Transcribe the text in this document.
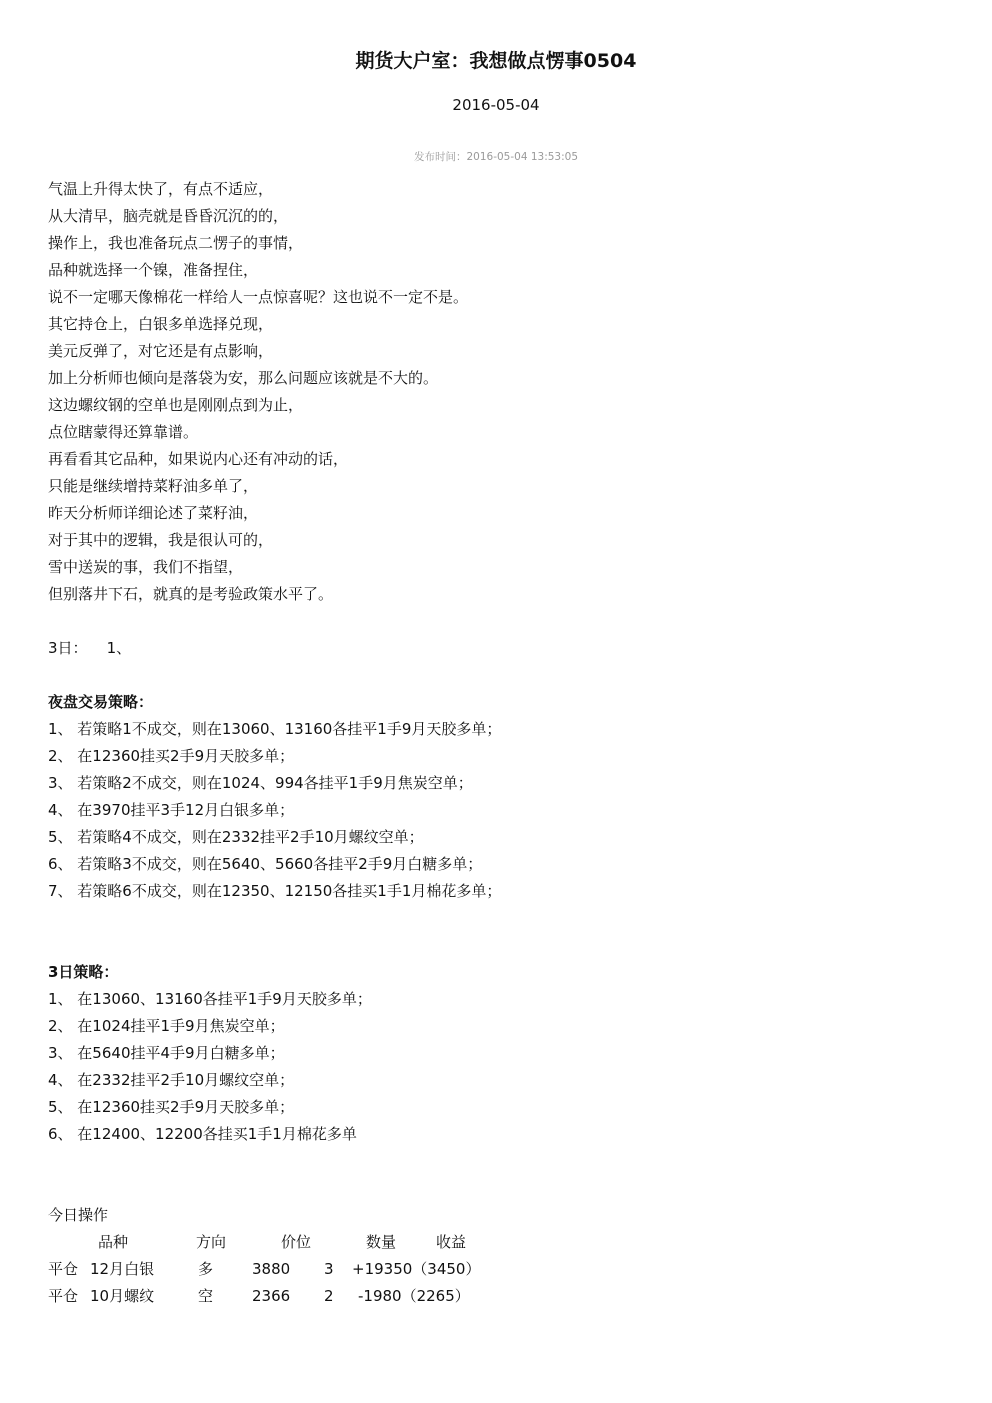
期货大户室：我想做点愣事0504
2016-05-04
发布时间：2016-05-04 13:53:05
气温上升得太快了，有点不适应，
从大清早，脑壳就是昏昏沉沉的的，
操作上，我也准备玩点二愣子的事情，
品种就选择一个镍，准备捏住，
说不一定哪天像棉花一样给人一点惊喜呢？这也说不一定不是。
其它持仓上，白银多单选择兑现，
美元反弹了，对它还是有点影响，
加上分析师也倾向是落袋为安，那么问题应该就是不大的。
这边螺纹钢的空单也是刚刚点到为止，
点位瞎蒙得还算靠谱。
再看看其它品种，如果说内心还有冲动的话，
只能是继续增持菜籽油多单了，
昨天分析师详细论述了菜籽油，
对于其中的逻辑，我是很认可的，
雪中送炭的事，我们不指望，
但别落井下石，就真的是考验政策水平了。
3日：    1、
夜盘交易策略：
1、 若策略1不成交，则在13060、13160各挂平1手9月天胶多单；
2、 在12360挂买2手9月天胶多单；
3、 若策略2不成交，则在1024、994各挂平1手9月焦炭空单；
4、 在3970挂平3手12月白银多单；
5、 若策略4不成交，则在2332挂平2手10月螺纹空单；
6、 若策略3不成交，则在5640、5660各挂平2手9月白糖多单；
7、 若策略6不成交，则在12350、12150各挂买1手1月棉花多单；
3日策略：
1、 在13060、13160各挂平1手9月天胶多单；
2、 在1024挂平1手9月焦炭空单；
3、 在5640挂平4手9月白糖多单；
4、 在2332挂平2手10月螺纹空单；
5、 在12360挂买2手9月天胶多单；
6、 在12400、12200各挂买1手1月棉花多单
今日操作
品种	方向	价位	数量	收益
平仓 12月白银	多	3880 3 +19350（3450）
平仓 10月螺纹	空	2366 2 -1980（2265）
